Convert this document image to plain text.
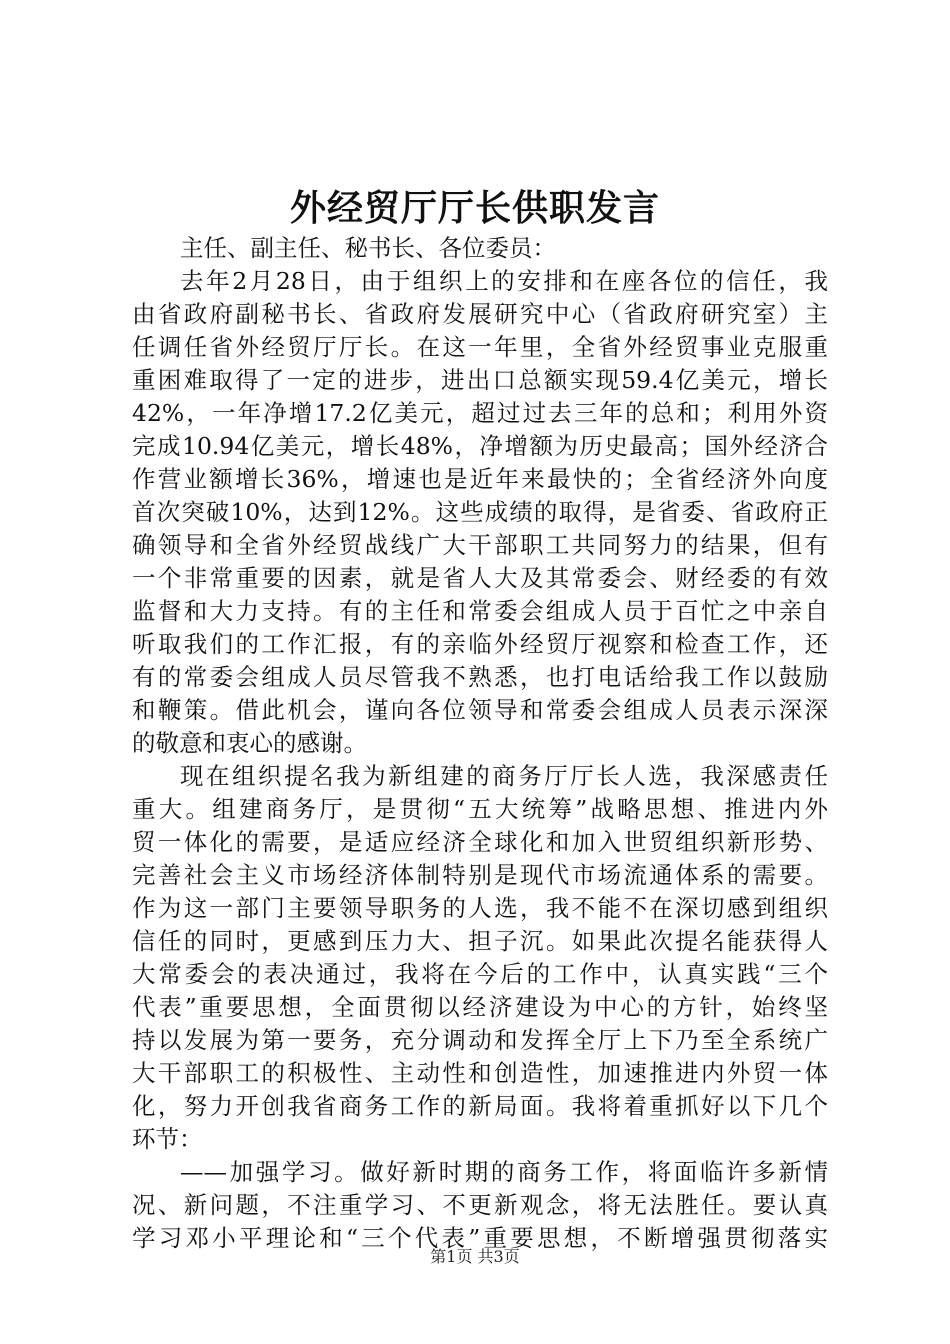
外经贸厅厅长供职发言
主任、副主任、秘书长、各位委员：
去年2月28日，由于组织上的安排和在座各位的信任，我
由省政府副秘书长、省政府发展研究中心（省政府研究室）主
任调任省外经贸厅厅长。在这一年里，全省外经贸事业克服重
重困难取得了一定的进步，进出口总额实现59.4亿美元，增长
42%，一年净增17.2亿美元，超过过去三年的总和；利用外资
完成10.94亿美元，增长48%，净增额为历史最高；国外经济合
作营业额增长36%，增速也是近年来最快的；全省经济外向度
首次突破10%，达到12%。这些成绩的取得，是省委、省政府正
确领导和全省外经贸战线广大干部职工共同努力的结果，但有
一个非常重要的因素，就是省人大及其常委会、财经委的有效
监督和大力支持。有的主任和常委会组成人员于百忙之中亲自
听取我们的工作汇报，有的亲临外经贸厅视察和检查工作，还
有的常委会组成人员尽管我不熟悉，也打电话给我工作以鼓励
和鞭策。借此机会，谨向各位领导和常委会组成人员表示深深
的敬意和衷心的感谢。
现在组织提名我为新组建的商务厅厅长人选，我深感责任
重大。组建商务厅，是贯彻“五大统筹”战略思想、推进内外
贸一体化的需要，是适应经济全球化和加入世贸组织新形势、
完善社会主义市场经济体制特别是现代市场流通体系的需要。
作为这一部门主要领导职务的人选，我不能不在深切感到组织
信任的同时，更感到压力大、担子沉。如果此次提名能获得人
大常委会的表决通过，我将在今后的工作中，认真实践“三个
代表”重要思想，全面贯彻以经济建设为中心的方针，始终坚
持以发展为第一要务，充分调动和发挥全厅上下乃至全系统广
大干部职工的积极性、主动性和创造性，加速推进内外贸一体
化，努力开创我省商务工作的新局面。我将着重抓好以下几个
环节：
——加强学习。做好新时期的商务工作，将面临许多新情
况、新问题，不注重学习、不更新观念，将无法胜任。要认真
学习邓小平理论和“三个代表”重要思想，不断增强贯彻落实
第1页 共3页
